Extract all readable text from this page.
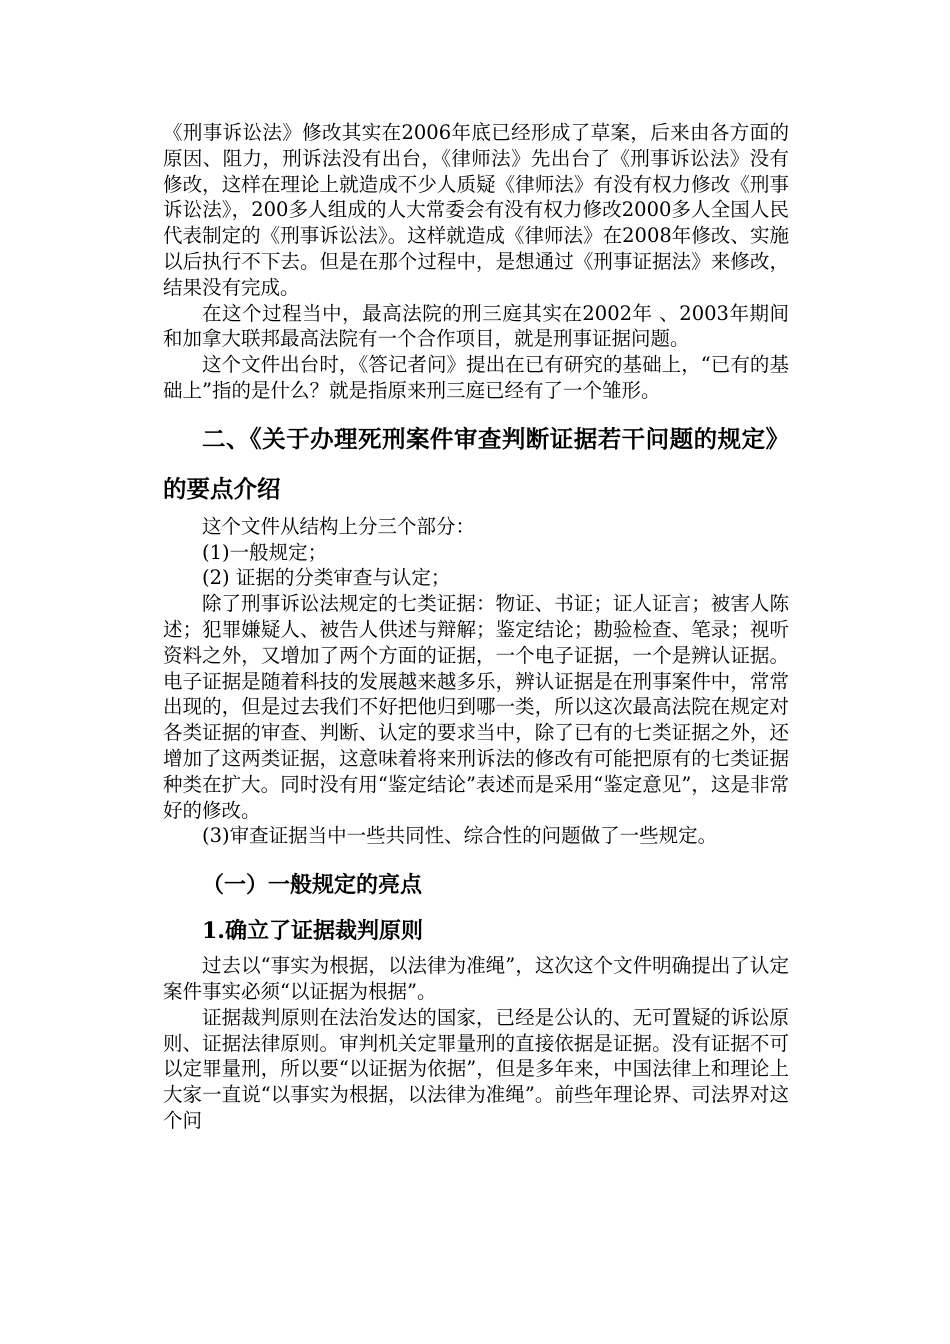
《刑事诉讼法》修改其实在2006年底已经形成了草案，后来由各方面的原因、阻力，刑诉法没有出台，《律师法》先出台了《刑事诉讼法》没有修改，这样在理论上就造成不少人质疑《律师法》有没有权力修改《刑事诉讼法》，200多人组成的人大常委会有没有权力修改2000多人全国人民代表制定的《刑事诉讼法》。这样就造成《律师法》在2008年修改、实施以后执行不下去。但是在那个过程中，是想通过《刑事证据法》来修改，结果没有完成。

在这个过程当中，最高法院的刑三庭其实在2002年 、2003年期间和加拿大联邦最高法院有一个合作项目，就是刑事证据问题。

这个文件出台时，《答记者问》提出在已有研究的基础上，“已有的基础上”指的是什么？就是指原来刑三庭已经有了一个雏形。

二、《关于办理死刑案件审查判断证据若干问题的规定》的要点介绍

这个文件从结构上分三个部分：

(1)一般规定；

(2) 证据的分类审查与认定；

除了刑事诉讼法规定的七类证据：物证、书证；证人证言；被害人陈述；犯罪嫌疑人、被告人供述与辩解；鉴定结论；勘验检查、笔录；视听资料之外，又增加了两个方面的证据，一个电子证据，一个是辨认证据。电子证据是随着科技的发展越来越多乐，辨认证据是在刑事案件中，常常出现的，但是过去我们不好把他归到哪一类，所以这次最高法院在规定对各类证据的审查、判断、认定的要求当中，除了已有的七类证据之外，还增加了这两类证据，这意味着将来刑诉法的修改有可能把原有的七类证据种类在扩大。同时没有用“鉴定结论”表述而是采用“鉴定意见”，这是非常好的修改。

(3)审查证据当中一些共同性、综合性的问题做了一些规定。

（一）一般规定的亮点
1.确立了证据裁判原则

过去以“事实为根据，以法律为准绳”，这次这个文件明确提出了认定案件事实必须“以证据为根据”。

证据裁判原则在法治发达的国家，已经是公认的、无可置疑的诉讼原则、证据法律原则。审判机关定罪量刑的直接依据是证据。没有证据不可以定罪量刑，所以要“以证据为依据”，但是多年来，中国法律上和理论上大家一直说“以事实为根据，以法律为准绳”。前些年理论界、司法界对这个问
